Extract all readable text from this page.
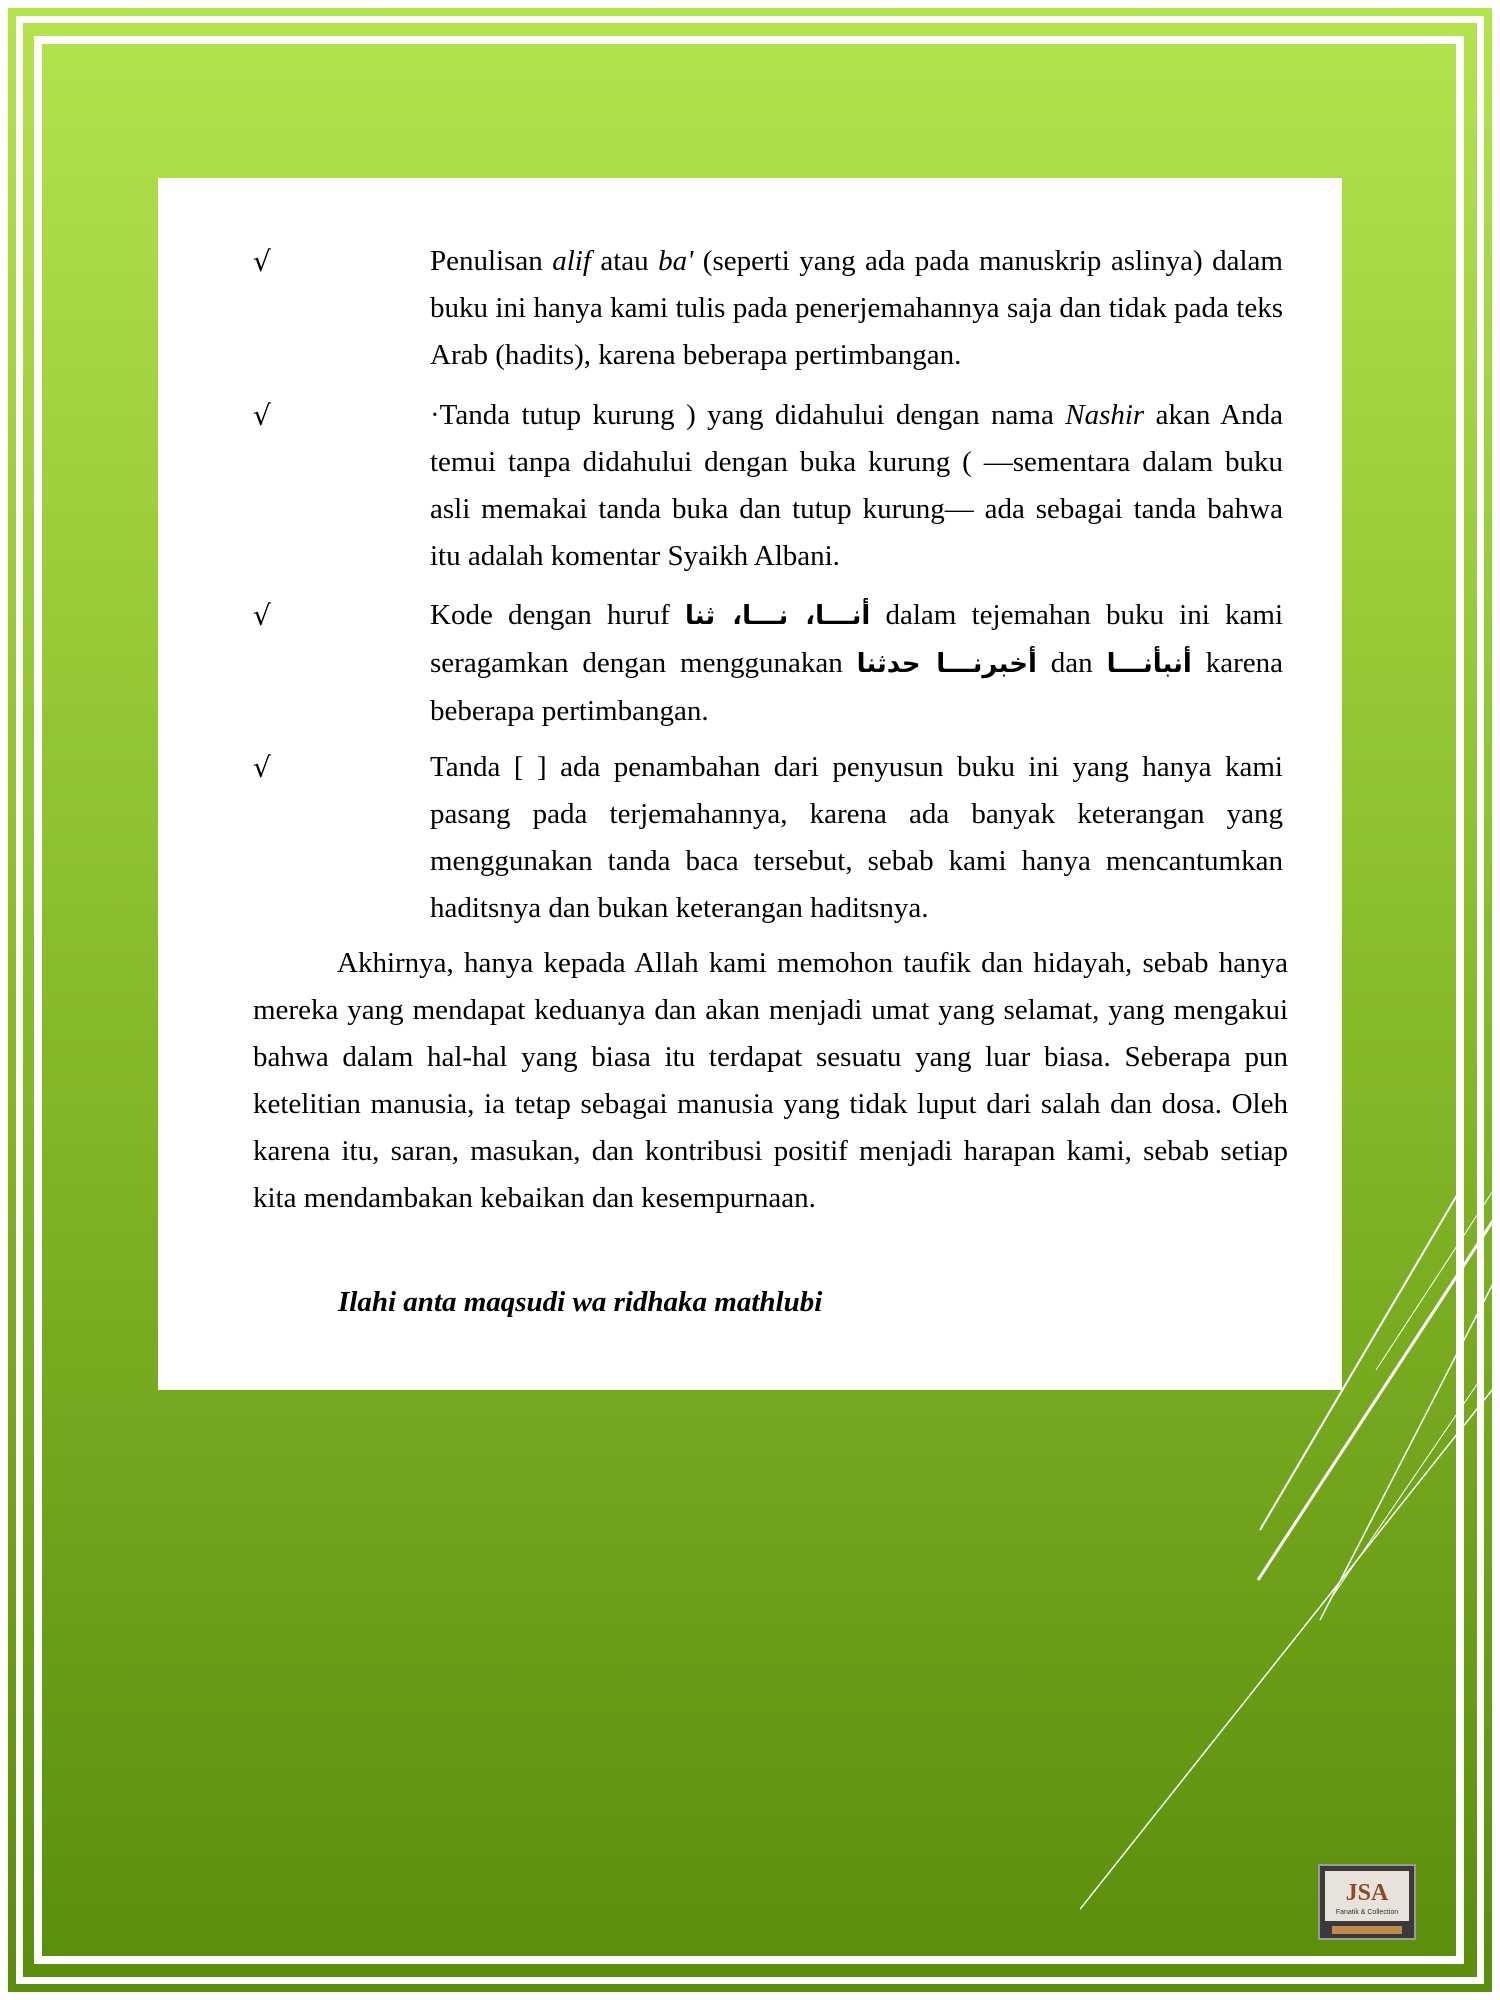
√	Penulisan alif atau ba' (seperti yang ada pada manuskrip aslinya) dalam buku ini hanya kami tulis pada penerjemahannya saja dan tidak pada teks Arab (hadits), karena beberapa pertimbangan.
√	·Tanda tutup kurung ) yang didahului dengan nama Nashir akan Anda temui tanpa didahului dengan buka kurung ( —sementara dalam buku asli memakai tanda buka dan tutup kurung— ada sebagai tanda bahwa itu adalah komentar Syaikh Albani.
√	Kode dengan huruf أنـــا، نـــا، ثنا dalam tejemahan buku ini kami seragamkan dengan menggunakan أخبرنـــا حدثنا dan أنبأنـــا karena beberapa pertimbangan.
√	Tanda [ ] ada penambahan dari penyusun buku ini yang hanya kami pasang pada terjemahannya, karena ada banyak keterangan yang menggunakan tanda baca tersebut, sebab kami hanya mencantumkan haditsnya dan bukan keterangan haditsnya.
Akhirnya, hanya kepada Allah kami memohon taufik dan hidayah, sebab hanya mereka yang mendapat keduanya dan akan menjadi umat yang selamat, yang mengakui bahwa dalam hal-hal yang biasa itu terdapat sesuatu yang luar biasa. Seberapa pun ketelitian manusia, ia tetap sebagai manusia yang tidak luput dari salah dan dosa. Oleh karena itu, saran, masukan, dan kontribusi positif menjadi harapan kami, sebab setiap kita mendambakan kebaikan dan kesempurnaan.
Ilahi anta maqsudi wa ridhaka mathlubi
JSA
Fanatik & Collection
